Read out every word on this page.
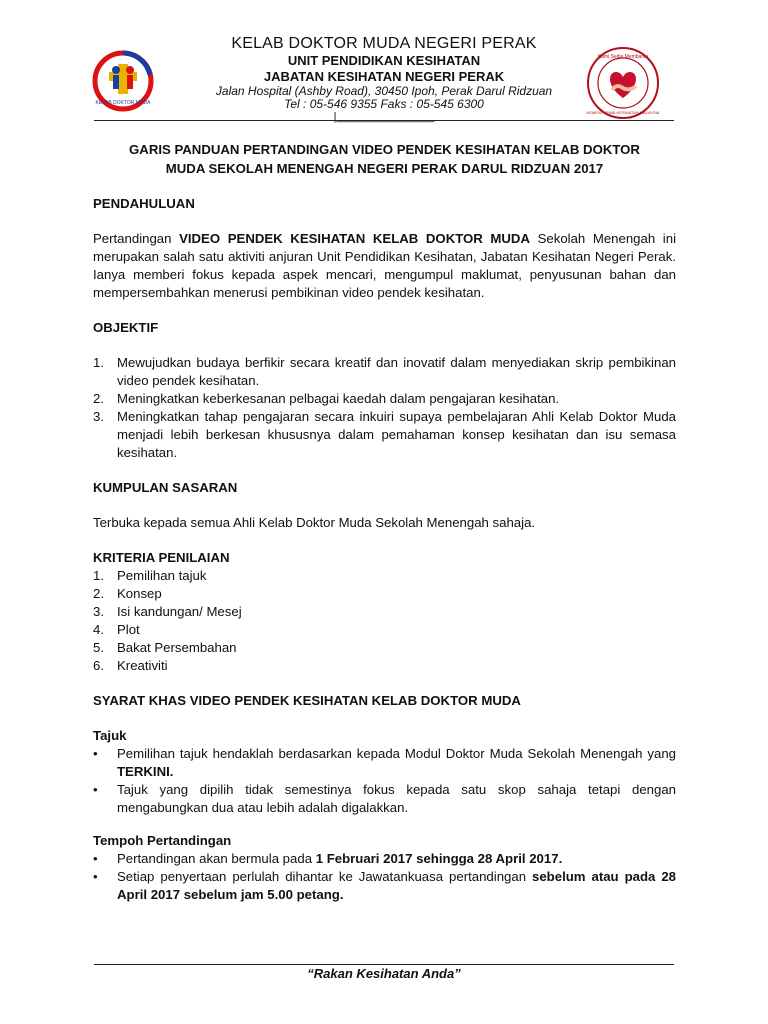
KELAB DOKTOR MUDA
KELAB DOKTOR MUDA NEGERI PERAK
UNIT PENDIDIKAN KESIHATAN
JABATAN KESIHATAN NEGERI PERAK
Jalan Hospital (Ashby Road), 30450 Ipoh, Perak Darul Ridzuan
Tel : 05-546 9355 Faks : 05-545 6300
|________________
Kami Sedia Membantu
KEMENTERIAN KESIHATAN MALAYSIA
GARIS PANDUAN PERTANDINGAN VIDEO PENDEK KESIHATAN KELAB DOKTOR
MUDA SEKOLAH MENENGAH NEGERI PERAK DARUL RIDZUAN 2017
PENDAHULUAN

Pertandingan VIDEO PENDEK KESIHATAN KELAB DOKTOR MUDA Sekolah Menengah ini merupakan salah satu aktiviti anjuran Unit Pendidikan Kesihatan, Jabatan Kesihatan Negeri Perak. Ianya memberi fokus kepada aspek mencari, mengumpul maklumat, penyusunan bahan dan mempersembahkan menerusi pembikinan video pendek kesihatan.

OBJEKTIF
1. Mewujudkan budaya berfikir secara kreatif dan inovatif dalam menyediakan skrip pembikinan video pendek kesihatan.
2. Meningkatkan keberkesanan pelbagai kaedah dalam pengajaran kesihatan.
3. Meningkatkan tahap pengajaran secara inkuiri supaya pembelajaran Ahli Kelab Doktor Muda menjadi lebih berkesan khususnya dalam pemahaman konsep kesihatan dan isu semasa kesihatan.
KUMPULAN SASARAN

Terbuka kepada semua Ahli Kelab Doktor Muda Sekolah Menengah sahaja.

KRITERIA PENILAIAN
1. Pemilihan tajuk
2. Konsep
3. Isi kandungan/ Mesej
4. Plot
5. Bakat Persembahan
6. Kreativiti
SYARAT KHAS VIDEO PENDEK KESIHATAN KELAB DOKTOR MUDA
Tajuk
• Pemilihan tajuk hendaklah berdasarkan kepada Modul Doktor Muda Sekolah Menengah yang TERKINI.
• Tajuk yang dipilih tidak semestinya fokus kepada satu skop sahaja tetapi dengan mengabungkan dua atau lebih adalah digalakkan.
Tempoh Pertandingan
• Pertandingan akan bermula pada 1 Februari 2017 sehingga 28 April 2017.
• Setiap penyertaan perlulah dihantar ke Jawatankuasa pertandingan sebelum atau pada 28 April 2017 sebelum jam 5.00 petang.
“Rakan Kesihatan Anda”
